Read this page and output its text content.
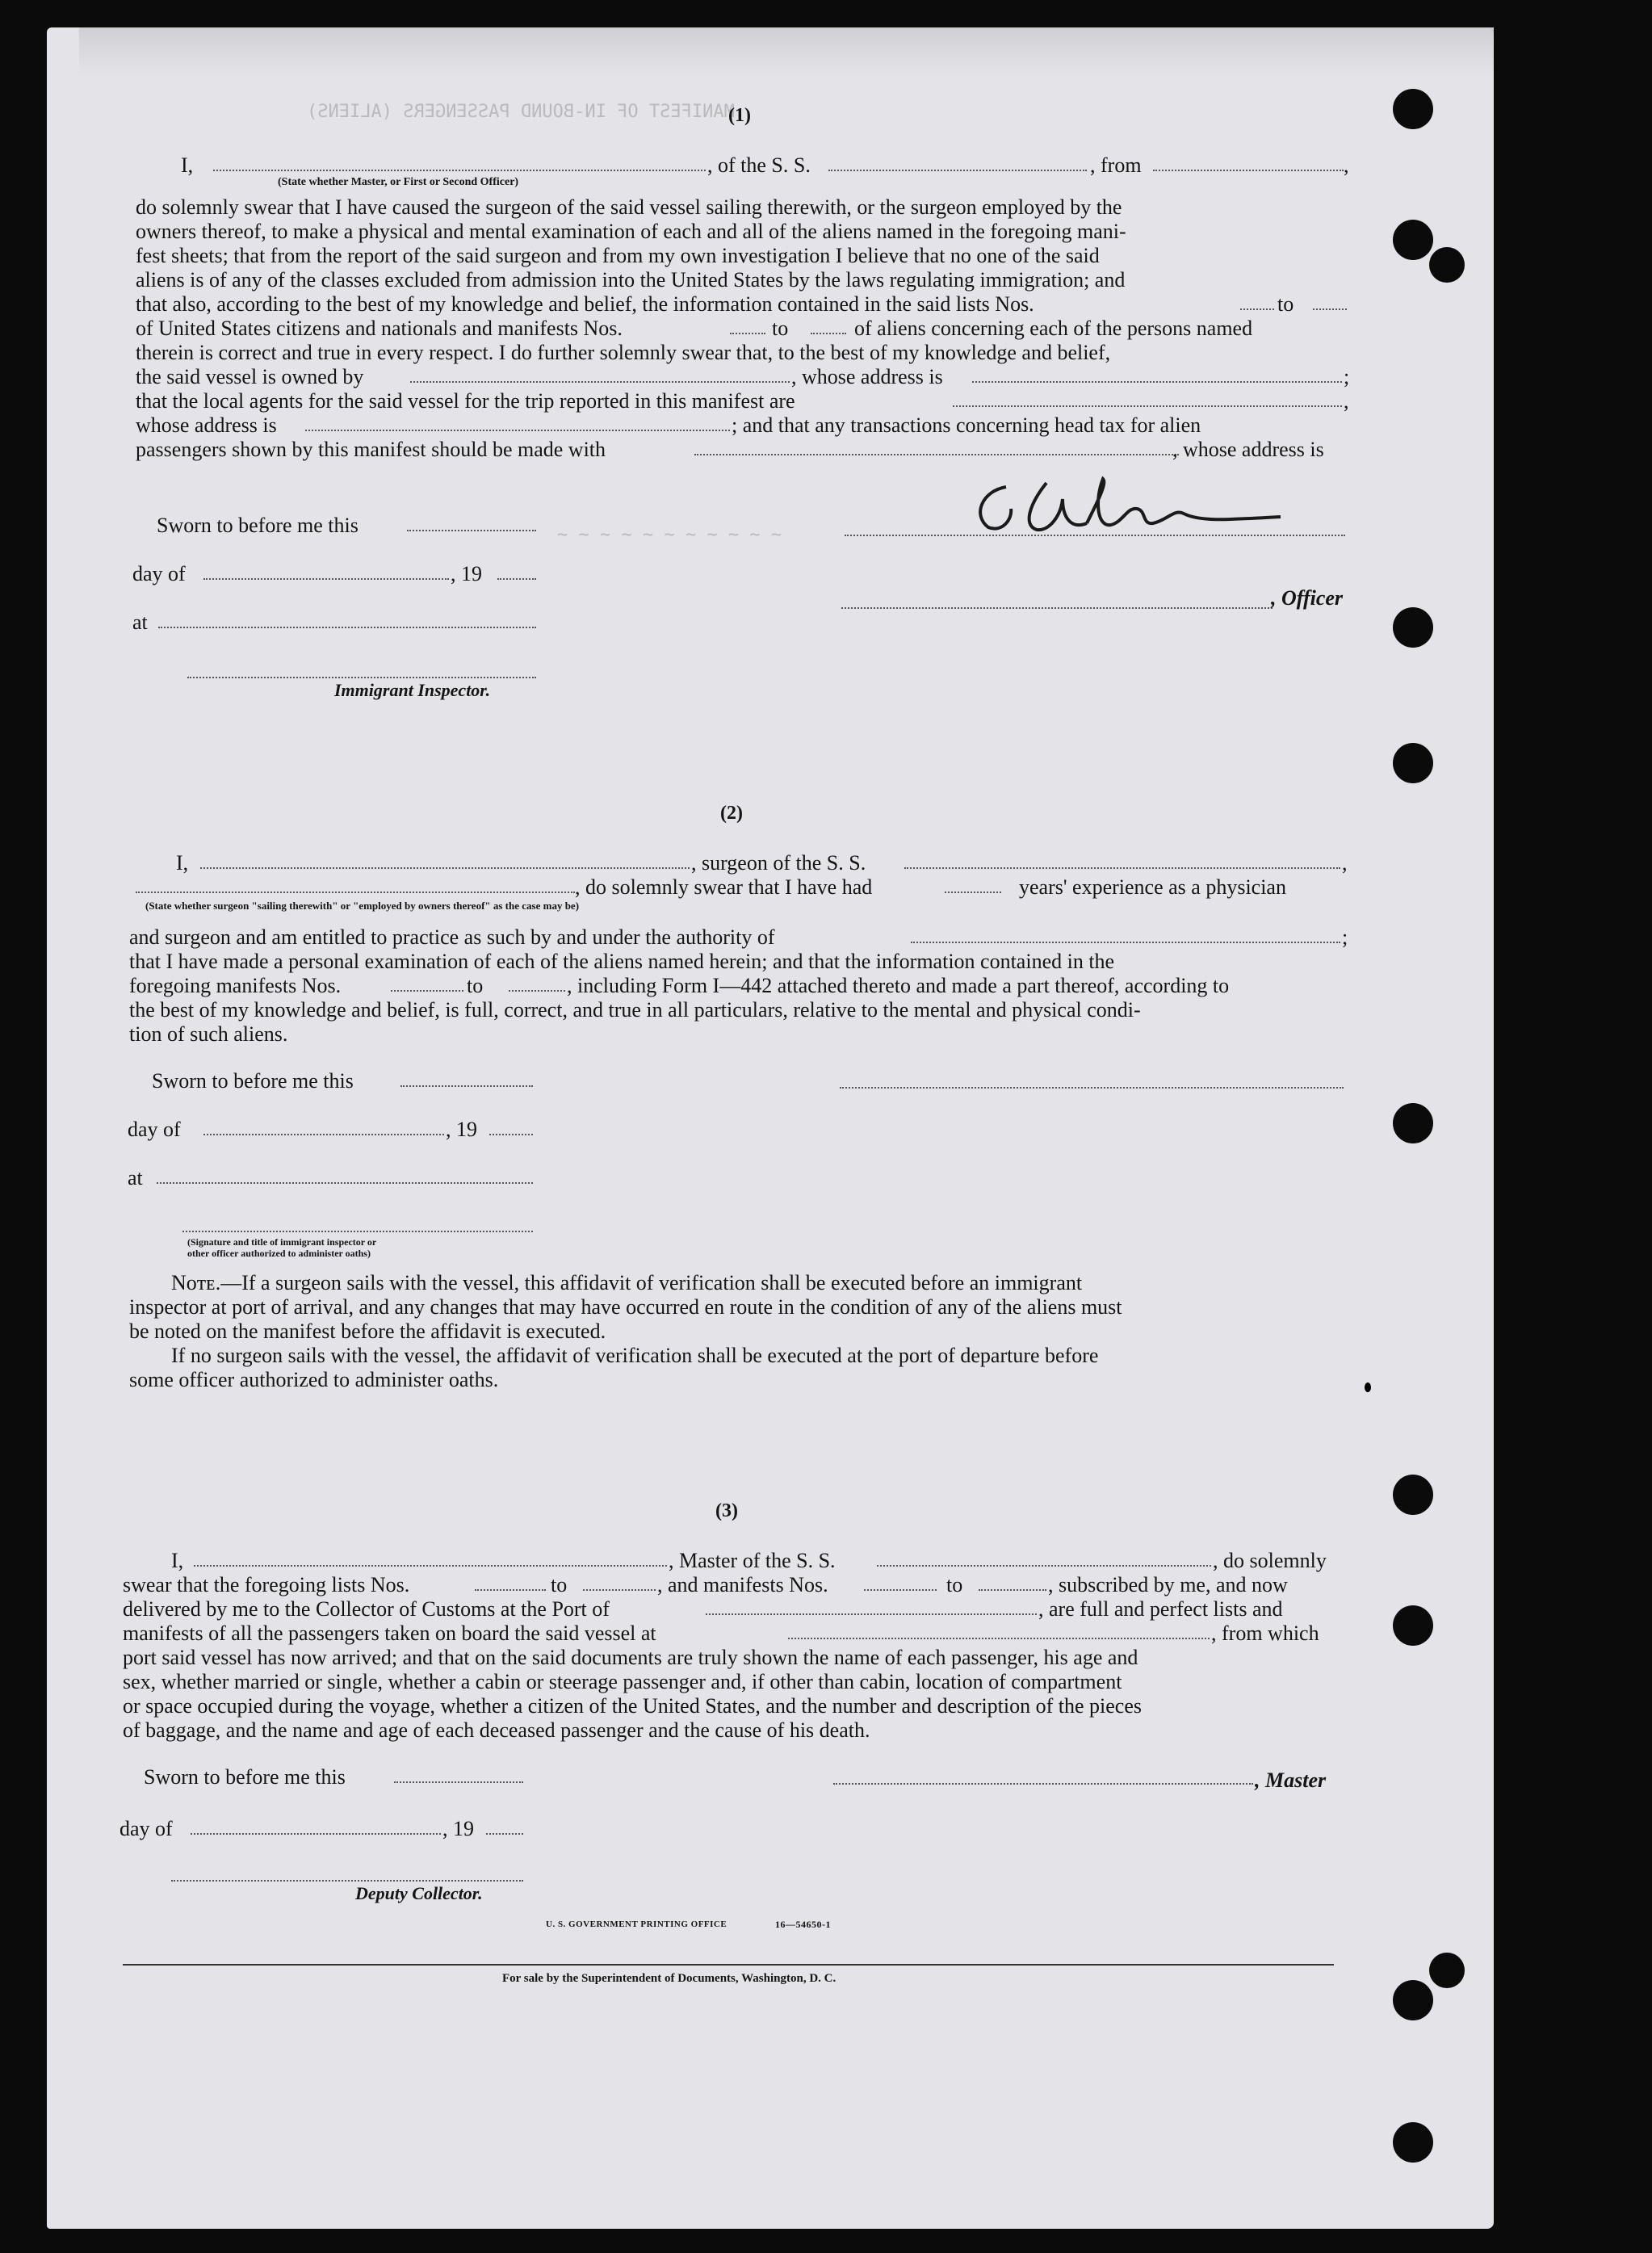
MANIFEST OF IN-BOUND PASSENGERS (ALIENS)
~ ~ ~ ~ ~ ~ ~ ~ ~ ~ ~
(1)
I,	, of the S. S.	, from	,
(State whether Master, or First or Second Officer)
do solemnly swear that I have caused the surgeon of the said vessel sailing therewith, or the surgeon employed by the
owners thereof, to make a physical and mental examination of each and all of the aliens named in the foregoing mani-
fest sheets; that from the report of the said surgeon and from my own investigation I believe that no one of the said
aliens is of any of the classes excluded from admission into the United States by the laws regulating immigration; and
that also, according to the best of my knowledge and belief, the information contained in the said lists Nos.	to
of United States citizens and nationals and manifests Nos.	to	of aliens concerning each of the persons named
therein is correct and true in every respect. I do further solemnly swear that, to the best of my knowledge and belief,
the said vessel is owned by	, whose address is	;
that the local agents for the said vessel for the trip reported in this manifest are	,
whose address is	; and that any transactions concerning head tax for alien
passengers shown by this manifest should be made with	, whose address is
Sworn to before me this
day of	, 19
at
Immigrant Inspector.
, Officer
(2)
I,	, surgeon of the S. S.	,
, do solemnly swear that I have had	years' experience as a physician
(State whether surgeon "sailing therewith" or "employed by owners thereof" as the case may be)
and surgeon and am entitled to practice as such by and under the authority of	;
that I have made a personal examination of each of the aliens named herein; and that the information contained in the
foregoing manifests Nos.	to	, including Form I—442 attached thereto and made a part thereof, according to
the best of my knowledge and belief, is full, correct, and true in all particulars, relative to the mental and physical condi-
tion of such aliens.
Sworn to before me this
day of	, 19
at
(Signature and title of immigrant inspector or
other officer authorized to administer oaths)
Nᴏᴛᴇ.—If a surgeon sails with the vessel, this affidavit of verification shall be executed before an immigrant
inspector at port of arrival, and any changes that may have occurred en route in the condition of any of the aliens must
be noted on the manifest before the affidavit is executed.
If no surgeon sails with the vessel, the affidavit of verification shall be executed at the port of departure before
some officer authorized to administer oaths.
(3)
I,	, Master of the S. S.	, do solemnly
swear that the foregoing lists Nos.	to	, and manifests Nos.	to	, subscribed by me, and now
delivered by me to the Collector of Customs at the Port of	, are full and perfect lists and
manifests of all the passengers taken on board the said vessel at	, from which
port said vessel has now arrived; and that on the said documents are truly shown the name of each passenger, his age and
sex, whether married or single, whether a cabin or steerage passenger and, if other than cabin, location of compartment
or space occupied during the voyage, whether a citizen of the United States, and the number and description of the pieces
of baggage, and the name and age of each deceased passenger and the cause of his death.
Sworn to before me this	, Master
day of	, 19
Deputy Collector.
U. S. GOVERNMENT PRINTING OFFICE	16—54650-1
For sale by the Superintendent of Documents, Washington, D. C.
